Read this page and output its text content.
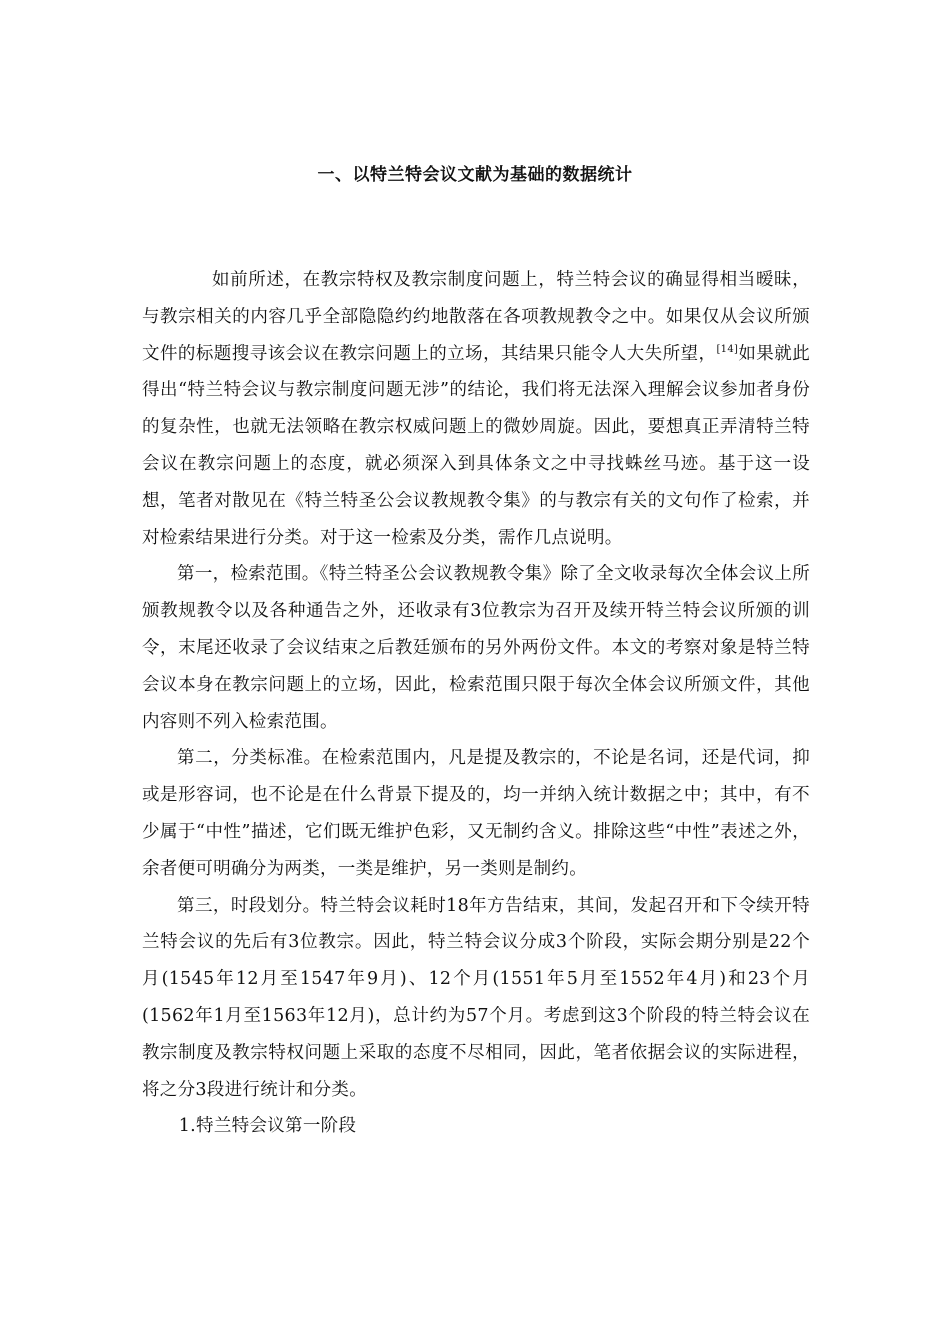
一、以特兰特会议文献为基础的数据统计

如前所述，在教宗特权及教宗制度问题上，特兰特会议的确显得相当暧昧，与教宗相关的内容几乎全部隐隐约约地散落在各项教规教令之中。如果仅从会议所颁文件的标题搜寻该会议在教宗问题上的立场，其结果只能令人大失所望，[14]如果就此得出“特兰特会议与教宗制度问题无涉”的结论，我们将无法深入理解会议参加者身份的复杂性，也就无法领略在教宗权威问题上的微妙周旋。因此，要想真正弄清特兰特会议在教宗问题上的态度，就必须深入到具体条文之中寻找蛛丝马迹。基于这一设想，笔者对散见在《特兰特圣公会议教规教令集》的与教宗有关的文句作了检索，并对检索结果进行分类。对于这一检索及分类，需作几点说明。

第一，检索范围。《特兰特圣公会议教规教令集》除了全文收录每次全体会议上所颁教规教令以及各种通告之外，还收录有3位教宗为召开及续开特兰特会议所颁的训令，末尾还收录了会议结束之后教廷颁布的另外两份文件。本文的考察对象是特兰特会议本身在教宗问题上的立场，因此，检索范围只限于每次全体会议所颁文件，其他内容则不列入检索范围。

第二，分类标准。在检索范围内，凡是提及教宗的，不论是名词，还是代词，抑或是形容词，也不论是在什么背景下提及的，均一并纳入统计数据之中；其中，有不少属于“中性”描述，它们既无维护色彩，又无制约含义。排除这些“中性”表述之外，余者便可明确分为两类，一类是维护，另一类则是制约。

第三，时段划分。特兰特会议耗时18年方告结束，其间，发起召开和下令续开特兰特会议的先后有3位教宗。因此，特兰特会议分成3个阶段，实际会期分别是22个月(1545年12月至1547年9月)、12个月(1551年5月至1552年4月)和23个月(1562年1月至1563年12月)，总计约为57个月。考虑到这3个阶段的特兰特会议在教宗制度及教宗特权问题上采取的态度不尽相同，因此，笔者依据会议的实际进程，将之分3段进行统计和分类。

1.特兰特会议第一阶段
